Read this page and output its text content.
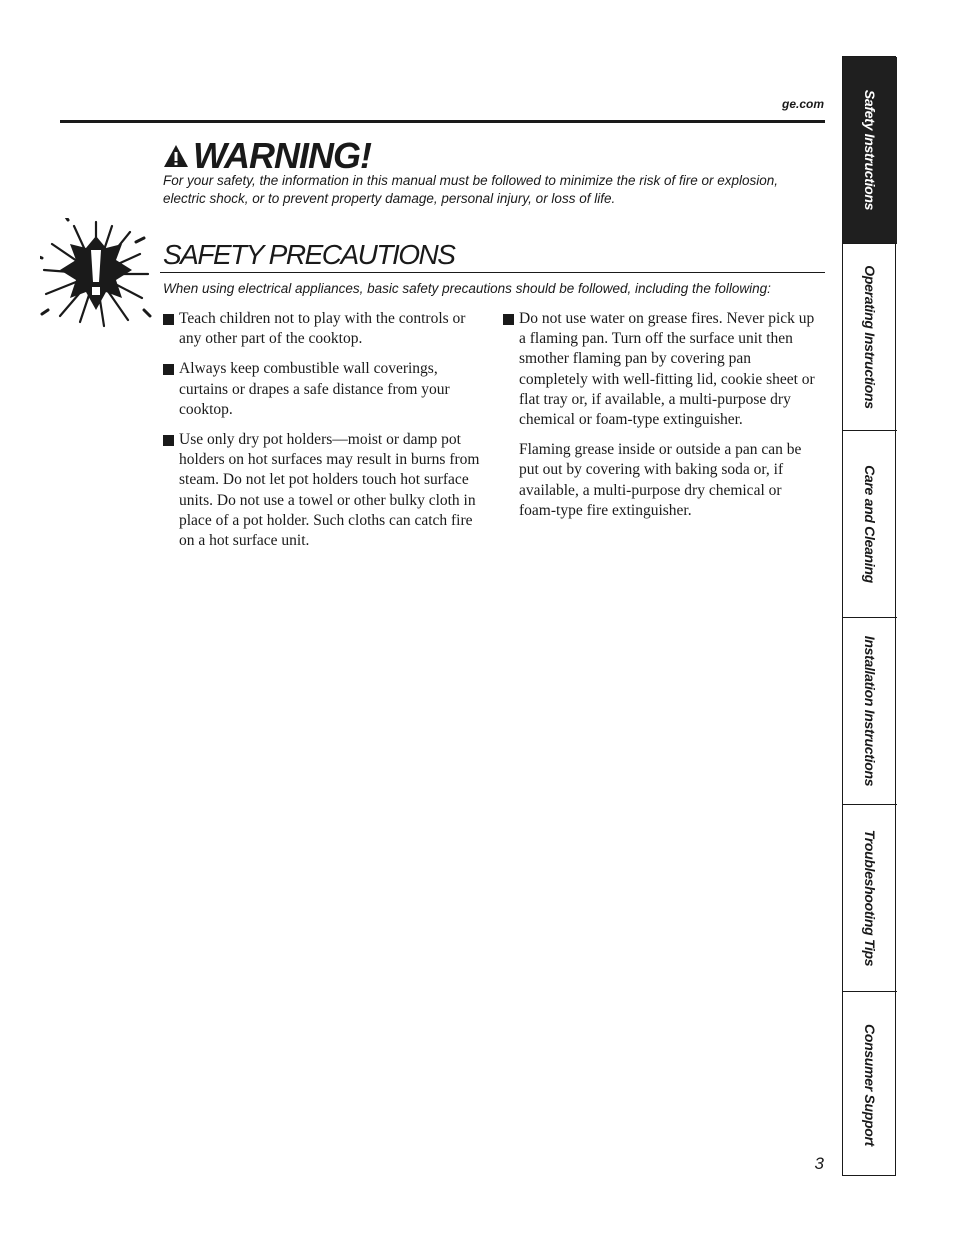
ge.com
WARNING!
For your safety, the information in this manual must be followed to minimize the risk of fire or explosion, electric shock, or to prevent property damage, personal injury, or loss of life.
SAFETY PRECAUTIONS
When using electrical appliances, basic safety precautions should be followed, including the following:
Teach children not to play with the controls or any other part of the cooktop.
Always keep combustible wall coverings, curtains or drapes a safe distance from your cooktop.
Use only dry pot holders—moist or damp pot holders on hot surfaces may result in burns from steam. Do not let pot holders touch hot surface units. Do not use a towel or other bulky cloth in place of a pot holder. Such cloths can catch fire on a hot surface unit.
Do not use water on grease fires. Never pick up a flaming pan. Turn off the surface unit then smother flaming pan by covering pan completely with well-fitting lid, cookie sheet or flat tray or, if available, a multi-purpose dry chemical or foam-type extinguisher.
Flaming grease inside or outside a pan can be put out by covering with baking soda or, if available, a multi-purpose dry chemical or foam-type fire extinguisher.
Safety Instructions
Operating Instructions
Care and Cleaning
Installation Instructions
Troubleshooting Tips
Consumer Support
3
